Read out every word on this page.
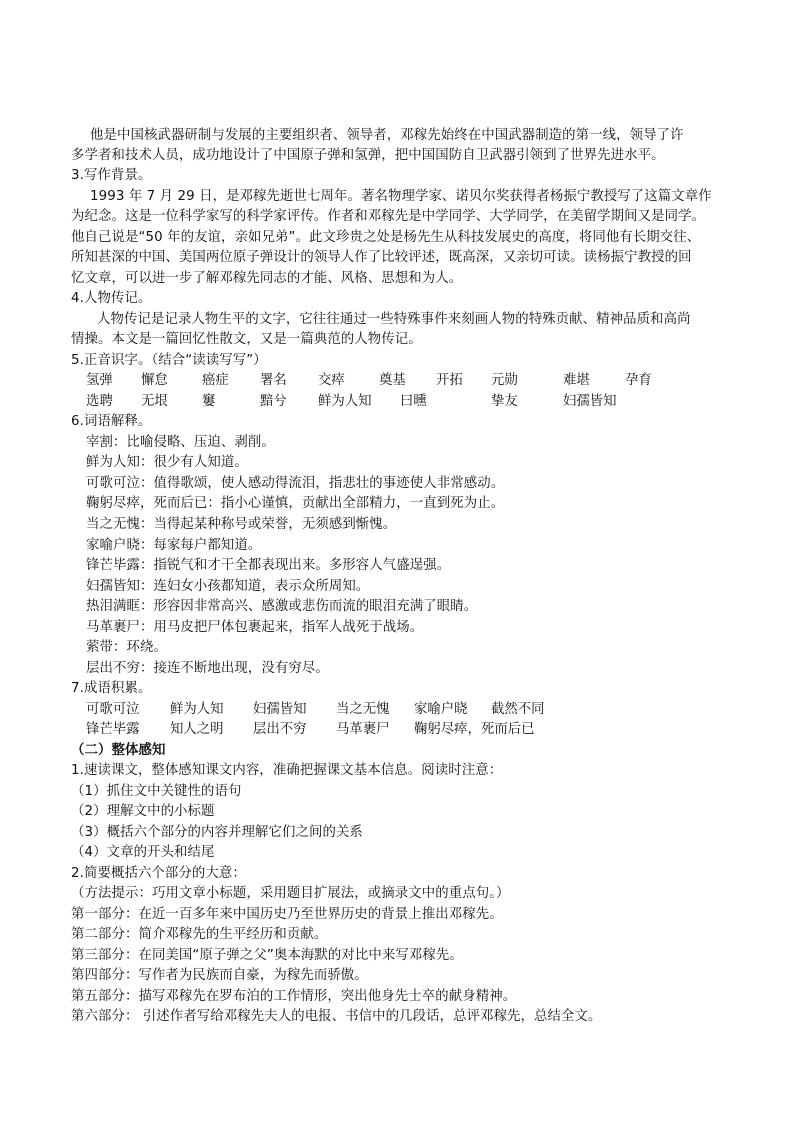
他是中国核武器研制与发展的主要组织者、领导者，邓稼先始终在中国武器制造的第一线，领导了许
多学者和技术人员，成功地设计了中国原子弹和氢弹，把中国国防自卫武器引领到了世界先进水平。
3.写作背景。
1993 年 7 月 29 日，是邓稼先逝世七周年。著名物理学家、诺贝尔奖获得者杨振宁教授写了这篇文章作
为纪念。这是一位科学家写的科学家评传。作者和邓稼先是中学同学、大学同学，在美留学期间又是同学。
他自己说是“50 年的友谊，亲如兄弟”。此文珍贵之处是杨先生从科技发展史的高度，将同他有长期交往、
所知甚深的中国、美国两位原子弹设计的领导人作了比较评述，既高深，又亲切可读。读杨振宁教授的回
忆文章，可以进一步了解邓稼先同志的才能、风格、思想和为人。
4.人物传记。
人物传记是记录人物生平的文字，它往往通过一些特殊事件来刻画人物的特殊贡献、精神品质和高尚
情操。本文是一篇回忆性散文，又是一篇典范的人物传记。
5.正音识字。（结合“读读写写”）
氢弹 懈怠	癌症 署名 交瘁	奠基 开拓 元勋	难堪	孕育
选聘 无垠	窶	黯兮 鲜为人知 曰曛	挚友	妇孺皆知
6.词语解释。
宰割：比喻侵略、压迫、剥削。
鲜为人知：很少有人知道。
可歌可泣：值得歌颂，使人感动得流泪，指悲壮的事迹使人非常感动。
鞠躬尽瘁，死而后已：指小心谨慎，贡献出全部精力，一直到死为止。
当之无愧：当得起某种称号或荣誉，无须感到惭愧。
家喻户晓：每家每户都知道。
锋芒毕露：指锐气和才干全都表现出来。多形容人气盛逞强。
妇孺皆知：连妇女小孩都知道，表示众所周知。
热泪满眶：形容因非常高兴、感激或悲伤而流的眼泪充满了眼睛。
马革裹尸：用马皮把尸体包裹起来，指军人战死于战场。
萦带：环绕。
层出不穷：接连不断地出现，没有穷尽。
7.成语积累。
可歌可泣 鲜为人知 妇孺皆知 当之无愧 家喻户晓 截然不同
锋芒毕露 知人之明 层出不穷 马革裹尸 鞠躬尽瘁，死而后已
（二）整体感知
1.速读课文，整体感知课文内容，准确把握课文基本信息。阅读时注意：
（1）抓住文中关键性的语句
（2）理解文中的小标题
（3）概括六个部分的内容并理解它们之间的关系
（4）文章的开头和结尾
2.简要概括六个部分的大意：
（方法提示：巧用文章小标题，采用题目扩展法，或摘录文中的重点句。）
第一部分：在近一百多年来中国历史乃至世界历史的背景上推出邓稼先。
第二部分：简介邓稼先的生平经历和贡献。
第三部分：在同美国“原子弹之父”奥本海默的对比中来写邓稼先。
第四部分：写作者为民族而自豪，为稼先而骄傲。
第五部分：描写邓稼先在罗布泊的工作情形，突出他身先士卒的献身精神。
第六部分： 引述作者写给邓稼先夫人的电报、书信中的几段话，总评邓稼先，总结全文。
